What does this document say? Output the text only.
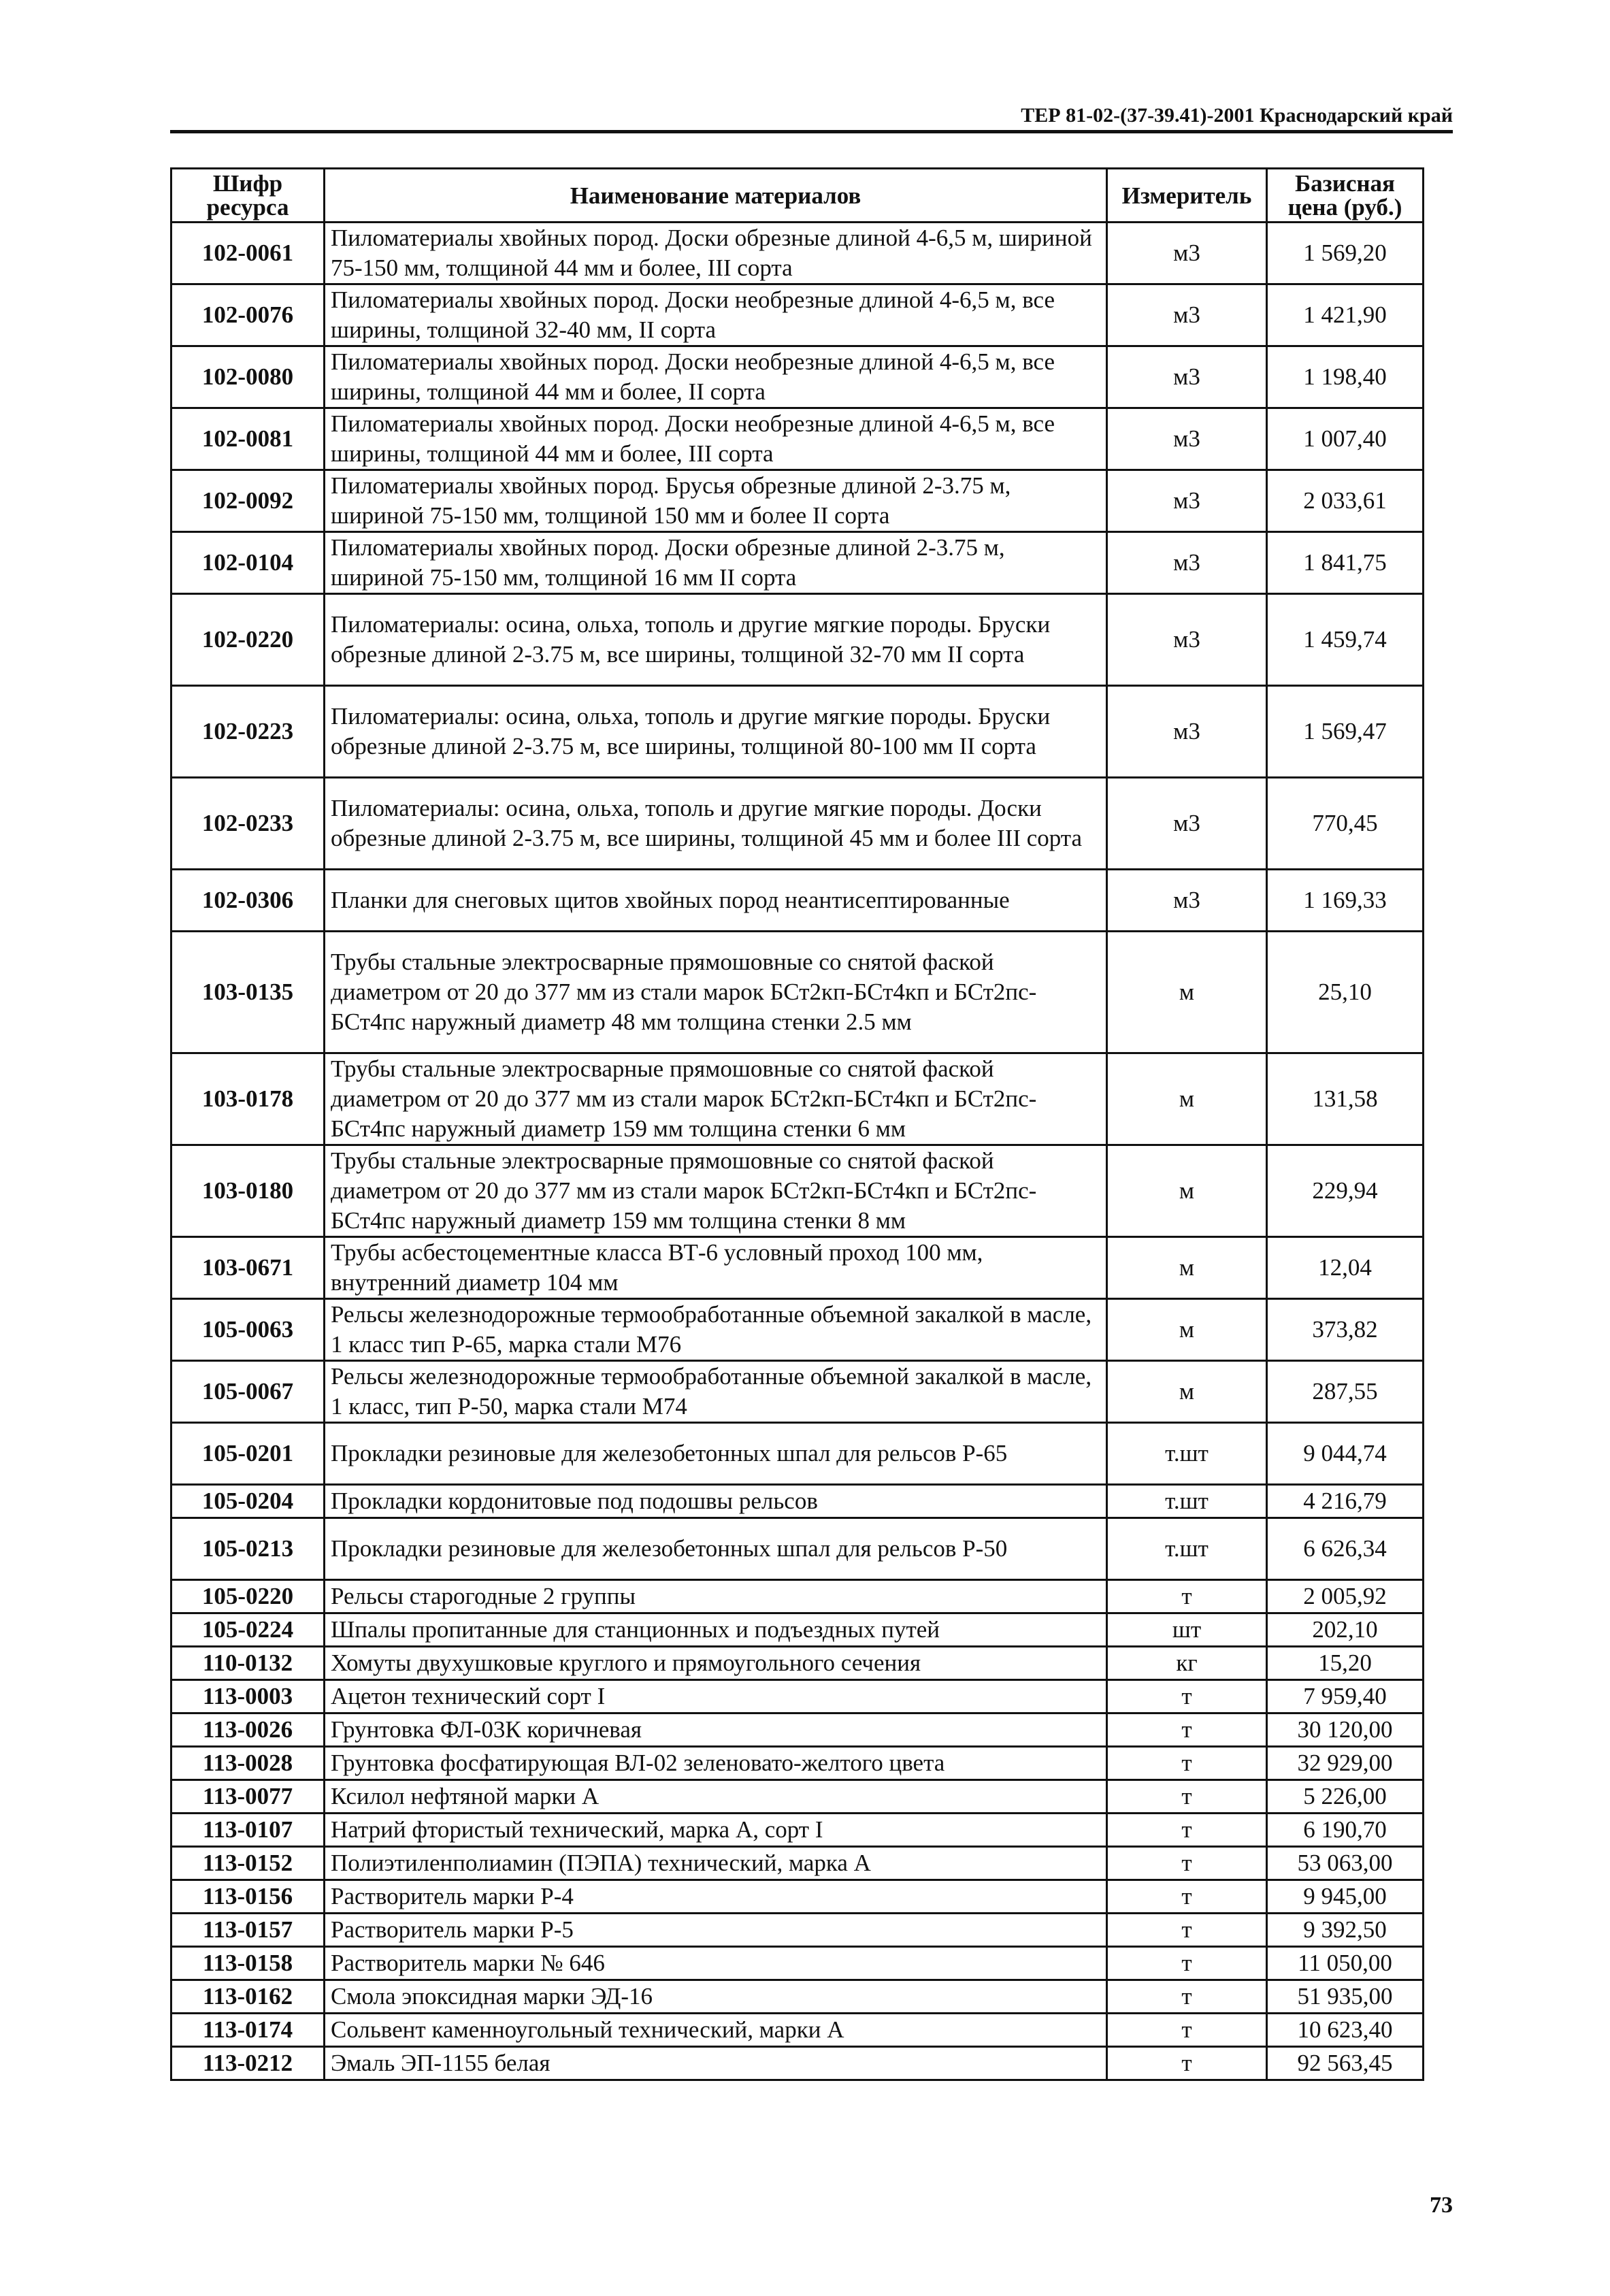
ТЕР 81-02-(37-39.41)-2001 Краснодарский край
Шифр ресурса	Наименование материалов	Измеритель	Базисная цена (руб.)
102-0061	Пиломатериалы хвойных пород. Доски обрезные длиной 4-6,5 м, шириной 75-150 мм, толщиной 44 мм и более, III сорта	м3	1 569,20
102-0076	Пиломатериалы хвойных пород. Доски необрезные длиной 4-6,5 м, все ширины, толщиной 32-40 мм, II сорта	м3	1 421,90
102-0080	Пиломатериалы хвойных пород. Доски необрезные длиной 4-6,5 м, все ширины, толщиной 44 мм и более, II сорта	м3	1 198,40
102-0081	Пиломатериалы хвойных пород. Доски необрезные длиной 4-6,5 м, все ширины, толщиной 44 мм и более, III сорта	м3	1 007,40
102-0092	Пиломатериалы хвойных пород. Брусья обрезные длиной 2-3.75 м, шириной 75-150 мм, толщиной 150 мм и более II сорта	м3	2 033,61
102-0104	Пиломатериалы хвойных пород. Доски обрезные длиной 2-3.75 м, шириной 75-150 мм, толщиной 16 мм II сорта	м3	1 841,75
102-0220	Пиломатериалы: осина, ольха, тополь и другие мягкие породы. Бруски обрезные длиной 2-3.75 м, все ширины, толщиной 32-70 мм II сорта	м3	1 459,74
102-0223	Пиломатериалы: осина, ольха, тополь и другие мягкие породы. Бруски обрезные длиной 2-3.75 м, все ширины, толщиной 80-100 мм II сорта	м3	1 569,47
102-0233	Пиломатериалы: осина, ольха, тополь и другие мягкие породы. Доски обрезные длиной 2-3.75 м, все ширины, толщиной 45 мм и более III сорта	м3	770,45
102-0306	Планки для снеговых щитов хвойных пород неантисептированные	м3	1 169,33
103-0135	Трубы стальные электросварные прямошовные со снятой фаской диаметром от 20 до 377 мм из стали марок БСт2кп-БСт4кп и БСт2пс-БСт4пс наружный диаметр 48 мм толщина стенки 2.5 мм	м	25,10
103-0178	Трубы стальные электросварные прямошовные со снятой фаской диаметром от 20 до 377 мм из стали марок БСт2кп-БСт4кп и БСт2пс-БСт4пс наружный диаметр 159 мм толщина стенки 6 мм	м	131,58
103-0180	Трубы стальные электросварные прямошовные со снятой фаской диаметром от 20 до 377 мм из стали марок БСт2кп-БСт4кп и БСт2пс-БСт4пс наружный диаметр 159 мм толщина стенки 8 мм	м	229,94
103-0671	Трубы асбестоцементные класса ВТ-6 условный проход 100 мм, внутренний диаметр 104 мм	м	12,04
105-0063	Рельсы железнодорожные термообработанные объемной закалкой в масле, 1 класс тип Р-65, марка стали М76	м	373,82
105-0067	Рельсы железнодорожные термообработанные объемной закалкой в масле, 1 класс, тип Р-50, марка стали М74	м	287,55
105-0201	Прокладки резиновые для железобетонных шпал для рельсов Р-65	т.шт	9 044,74
105-0204	Прокладки кордонитовые под подошвы рельсов	т.шт	4 216,79
105-0213	Прокладки резиновые для железобетонных шпал для рельсов Р-50	т.шт	6 626,34
105-0220	Рельсы старогодные 2 группы	т	2 005,92
105-0224	Шпалы пропитанные для станционных и подъездных путей	шт	202,10
110-0132	Хомуты двухушковые круглого и прямоугольного сечения	кг	15,20
113-0003	Ацетон технический сорт I	т	7 959,40
113-0026	Грунтовка ФЛ-03К коричневая	т	30 120,00
113-0028	Грунтовка фосфатирующая ВЛ-02 зеленовато-желтого цвета	т	32 929,00
113-0077	Ксилол нефтяной марки А	т	5 226,00
113-0107	Натрий фтористый технический, марка А, сорт I	т	6 190,70
113-0152	Полиэтиленполиамин (ПЭПА) технический, марка А	т	53 063,00
113-0156	Растворитель марки Р-4	т	9 945,00
113-0157	Растворитель марки Р-5	т	9 392,50
113-0158	Растворитель марки № 646	т	11 050,00
113-0162	Смола эпоксидная марки ЭД-16	т	51 935,00
113-0174	Сольвент каменноугольный технический, марки А	т	10 623,40
113-0212	Эмаль ЭП-1155 белая	т	92 563,45
73
